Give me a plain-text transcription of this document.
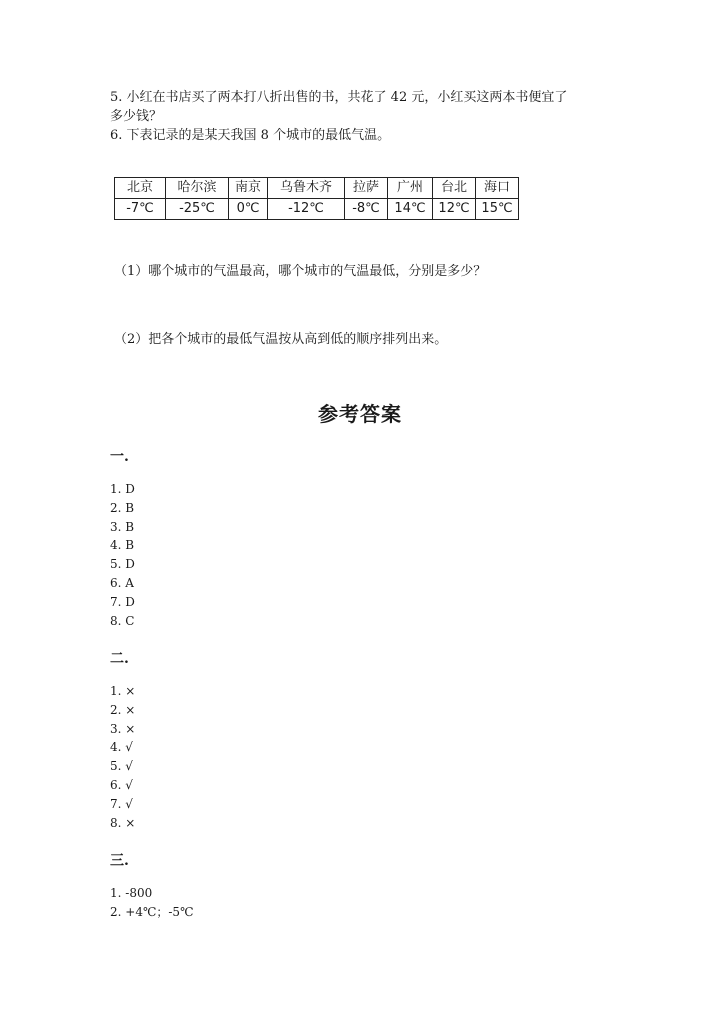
5. 小红在书店买了两本打八折出售的书，共花了 42 元，小红买这两本书便宜了
多少钱？
6. 下表记录的是某天我国 8 个城市的最低气温。
北京	哈尔滨	南京	乌鲁木齐	拉萨	广州	台北	海口
-7℃	-25℃	0℃	-12℃	-8℃	14℃	12℃	15℃
（1）哪个城市的气温最高，哪个城市的气温最低，分别是多少？
（2）把各个城市的最低气温按从高到低的顺序排列出来。
参考答案
一.
1. D
2. B
3. B
4. B
5. D
6. A
7. D
8. C
二.
1. ×
2. ×
3. ×
4. √
5. √
6. √
7. √
8. ×
三.
1. -800
2. +4℃；-5℃
